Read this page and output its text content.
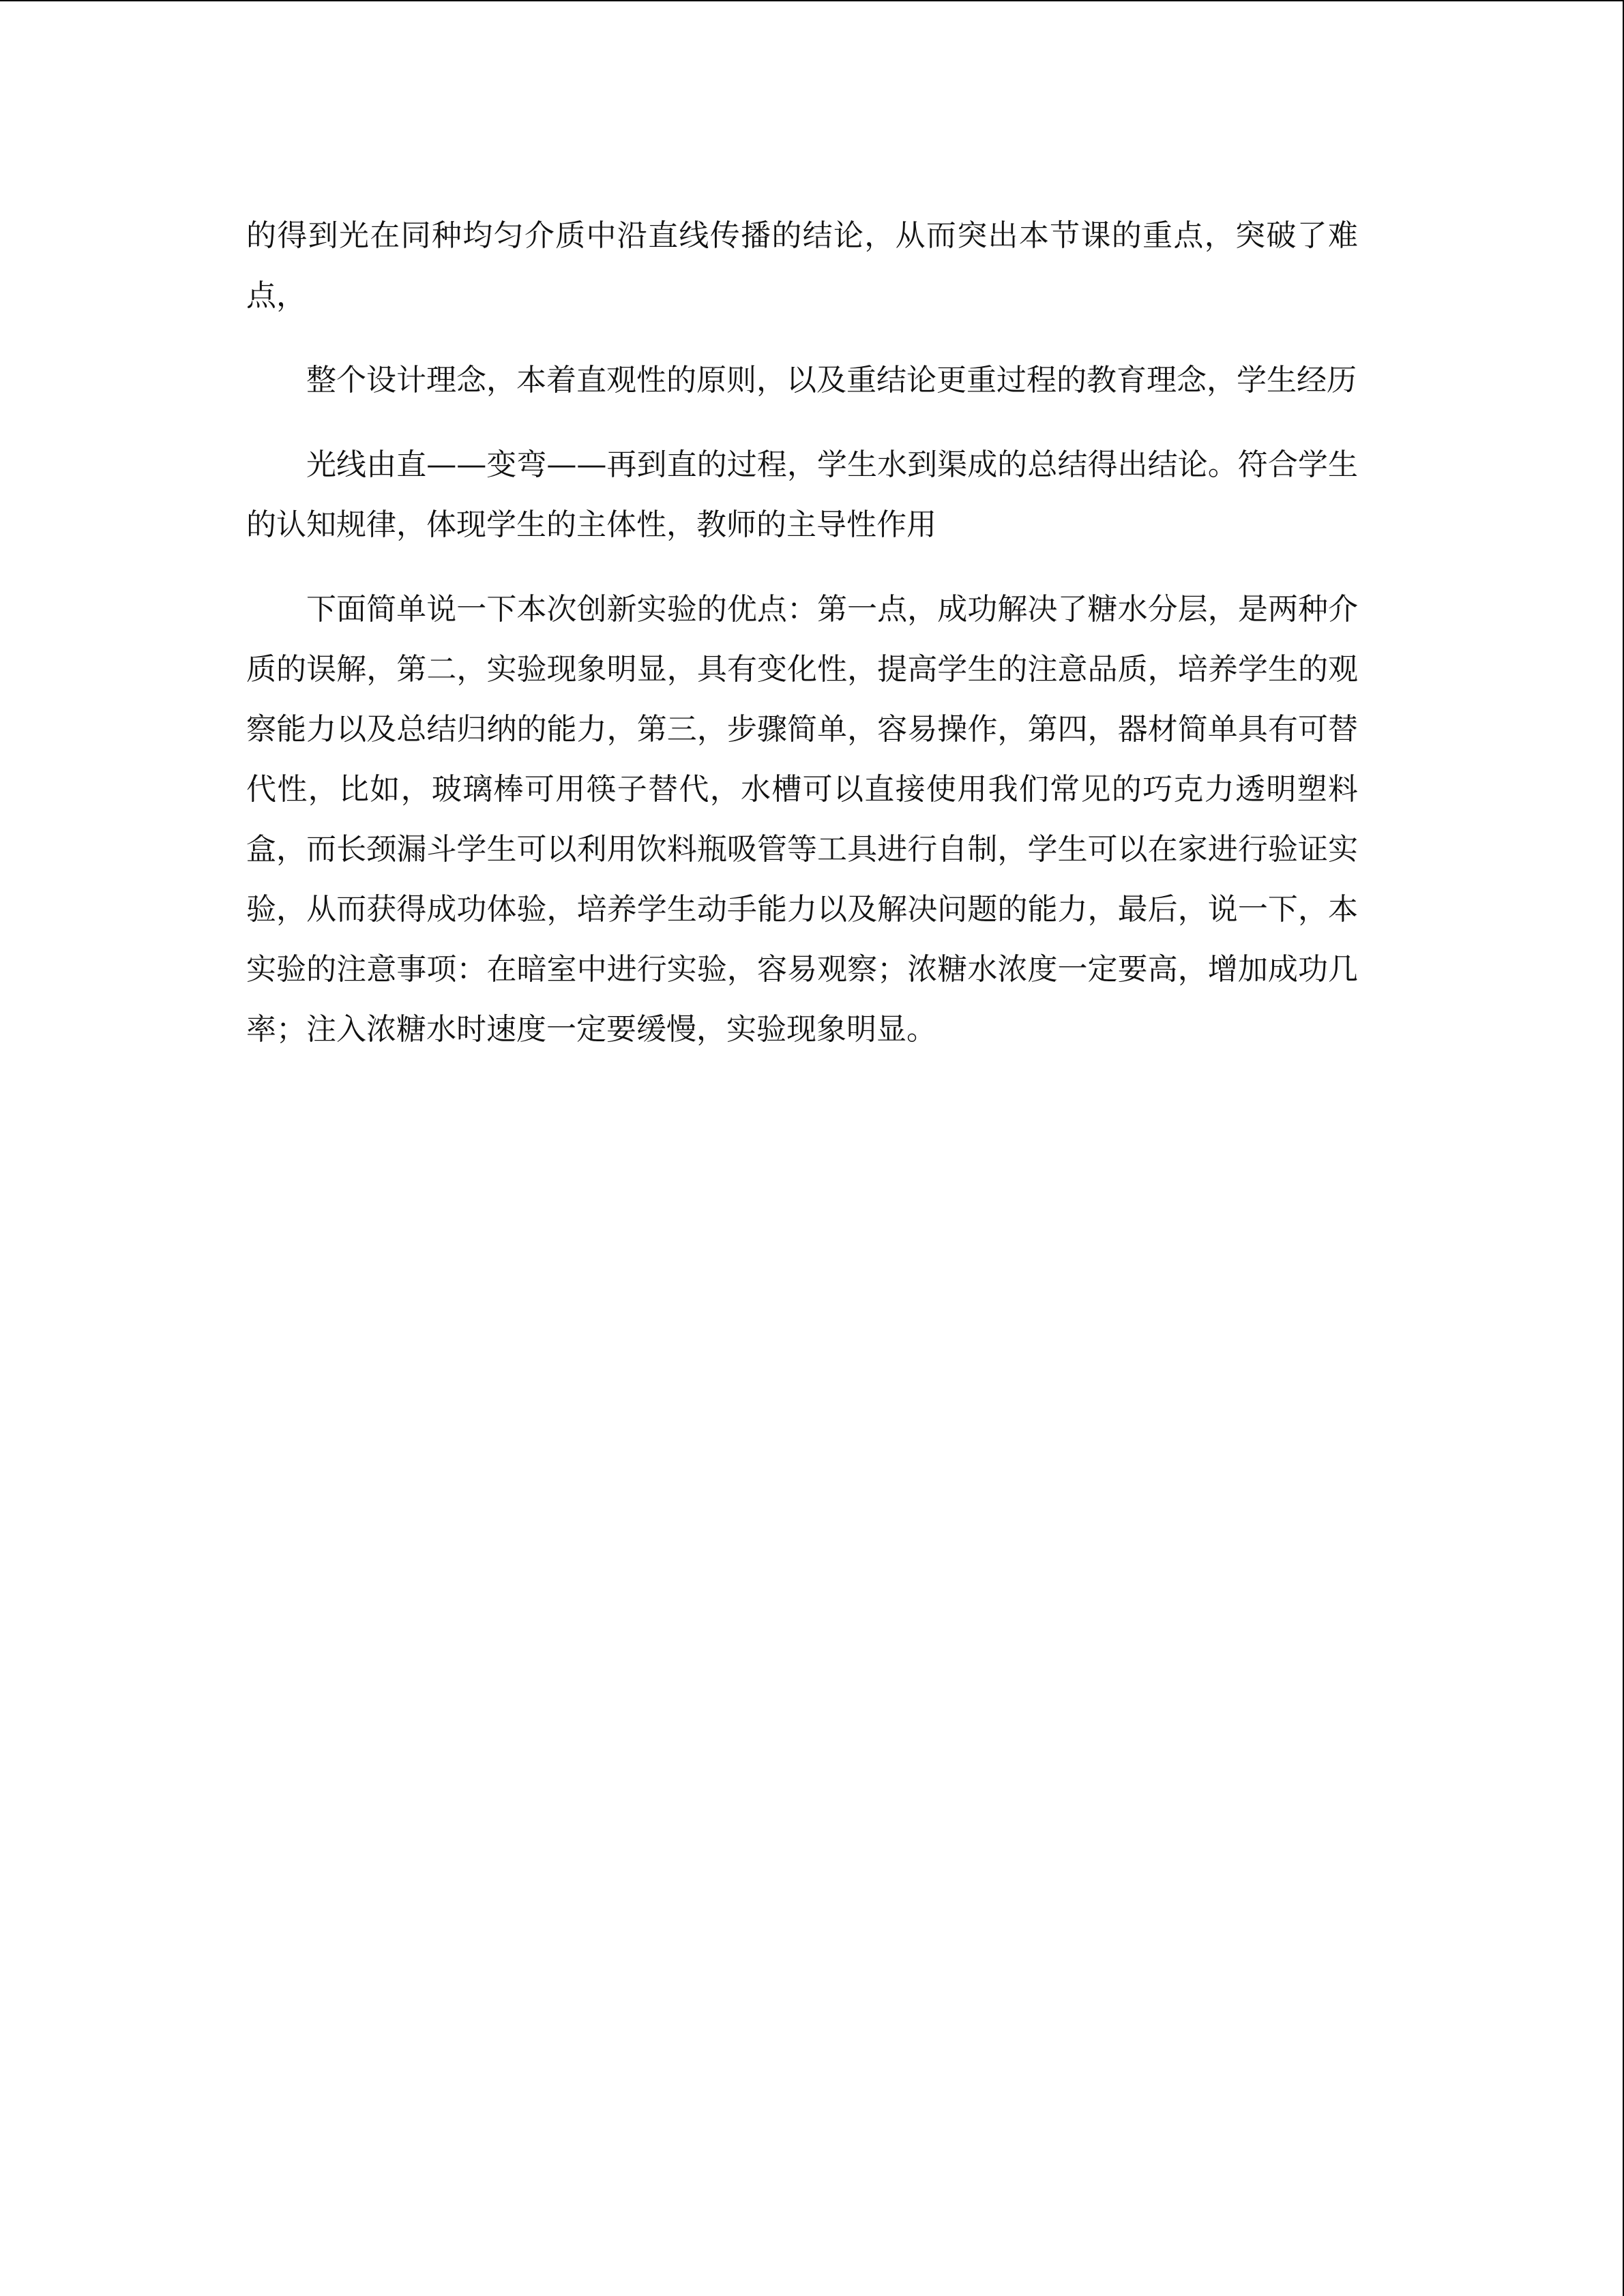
的得到光在同种均匀介质中沿直线传播的结论，从而突出本节课的重点，突破了难点，

整个设计理念，本着直观性的原则，以及重结论更重过程的教育理念，学生经历

光线由直——变弯——再到直的过程，学生水到渠成的总结得出结论。符合学生的认知规律，体现学生的主体性，教师的主导性作用

下面简单说一下本次创新实验的优点：第一点，成功解决了糖水分层，是两种介质的误解，第二，实验现象明显，具有变化性，提高学生的注意品质，培养学生的观察能力以及总结归纳的能力，第三，步骤简单，容易操作，第四，器材简单具有可替代性，比如，玻璃棒可用筷子替代，水槽可以直接使用我们常见的巧克力透明塑料盒，而长颈漏斗学生可以利用饮料瓶吸管等工具进行自制，学生可以在家进行验证实验，从而获得成功体验，培养学生动手能力以及解决问题的能力，最后，说一下，本实验的注意事项：在暗室中进行实验，容易观察；浓糖水浓度一定要高，增加成功几率；注入浓糖水时速度一定要缓慢，实验现象明显。
